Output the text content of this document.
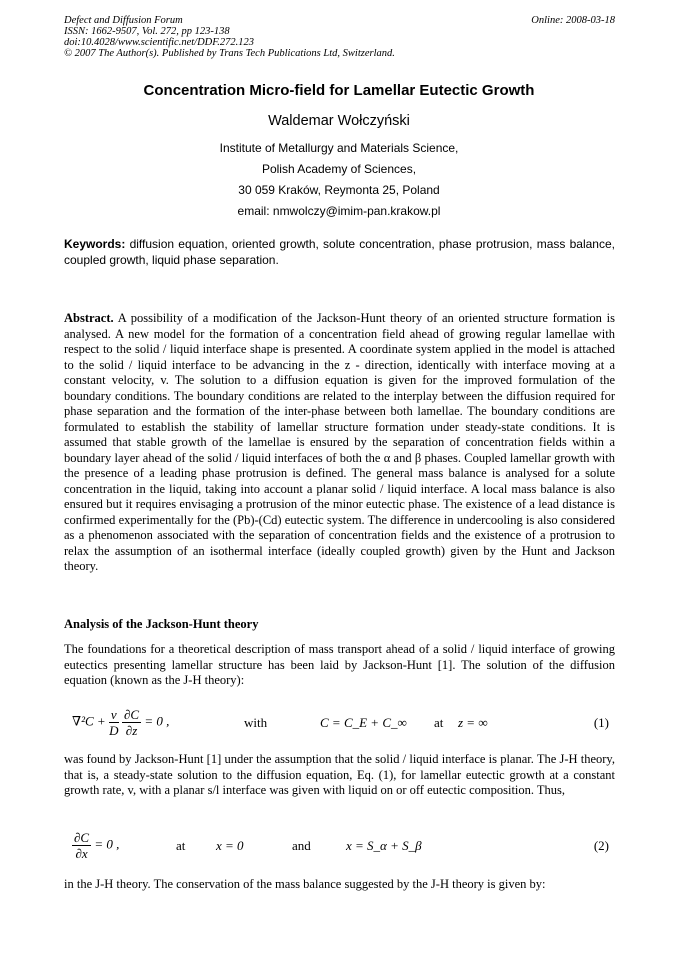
Defect and Diffusion Forum
ISSN: 1662-9507, Vol. 272, pp 123-138
doi:10.4028/www.scientific.net/DDF.272.123
© 2007 The Author(s). Published by Trans Tech Publications Ltd, Switzerland.
Online: 2008-03-18
Concentration Micro-field for Lamellar Eutectic Growth
Waldemar Wołczyński
Institute of Metallurgy and Materials Science,
Polish Academy of Sciences,
30 059 Kraków, Reymonta 25, Poland
email: nmwolczy@imim-pan.krakow.pl
Keywords: diffusion equation, oriented growth, solute concentration, phase protrusion, mass balance, coupled growth, liquid phase separation.
Abstract. A possibility of a modification of the Jackson-Hunt theory of an oriented structure formation is analysed. A new model for the formation of a concentration field ahead of growing regular lamellae with respect to the solid / liquid interface shape is presented. A coordinate system applied in the model is attached to the solid / liquid interface to be advancing in the z - direction, identically with interface moving at a constant velocity, v. The solution to a diffusion equation is given for the improved formulation of the boundary conditions. The boundary conditions are related to the interplay between the diffusion required for phase separation and the formation of the inter-phase between both lamellae. The boundary conditions are formulated to establish the stability of lamellar structure formation under steady-state conditions. It is assumed that stable growth of the lamellae is ensured by the separation of concentration fields within a boundary layer ahead of the solid / liquid interfaces of both the α and β phases. Coupled lamellar growth with the presence of a leading phase protrusion is defined. The general mass balance is analysed for a solute concentration in the liquid, taking into account a planar solid / liquid interface. A local mass balance is also ensured but it requires envisaging a protrusion of the minor eutectic phase. The existence of a lead distance is confirmed experimentally for the (Pb)-(Cd) eutectic system. The difference in undercooling is also considered as a phenomenon associated with the separation of concentration fields and the existence of a protrusion to relax the assumption of an isothermal interface (ideally coupled growth) given by the Hunt and Jackson theory.
Analysis of the Jackson-Hunt theory
The foundations for a theoretical description of mass transport ahead of a solid / liquid interface of growing eutectics presenting lamellar structure has been laid by Jackson-Hunt [1]. The solution of the diffusion equation (known as the J-H theory):
$\nabla^2C + \frac{v}{D}$
$\frac{\partial C}{\partial z} = 0$ ,	with	C = C_E + C_∞ at z = ∞	(1)
was found by Jackson-Hunt [1] under the assumption that the solid / liquid interface is planar. The J-H theory, that is, a steady-state solution to the diffusion equation, Eq. (1), for lamellar eutectic growth at a constant growth rate, v, with a planar s/l interface was given with liquid on or off eutectic composition. Thus,
$\frac{\partial C}{\partial x} = 0$ ,	at x = 0	and	x = S_α + S_β	(2)
in the J-H theory. The conservation of the mass balance suggested by the J-H theory is given by:
